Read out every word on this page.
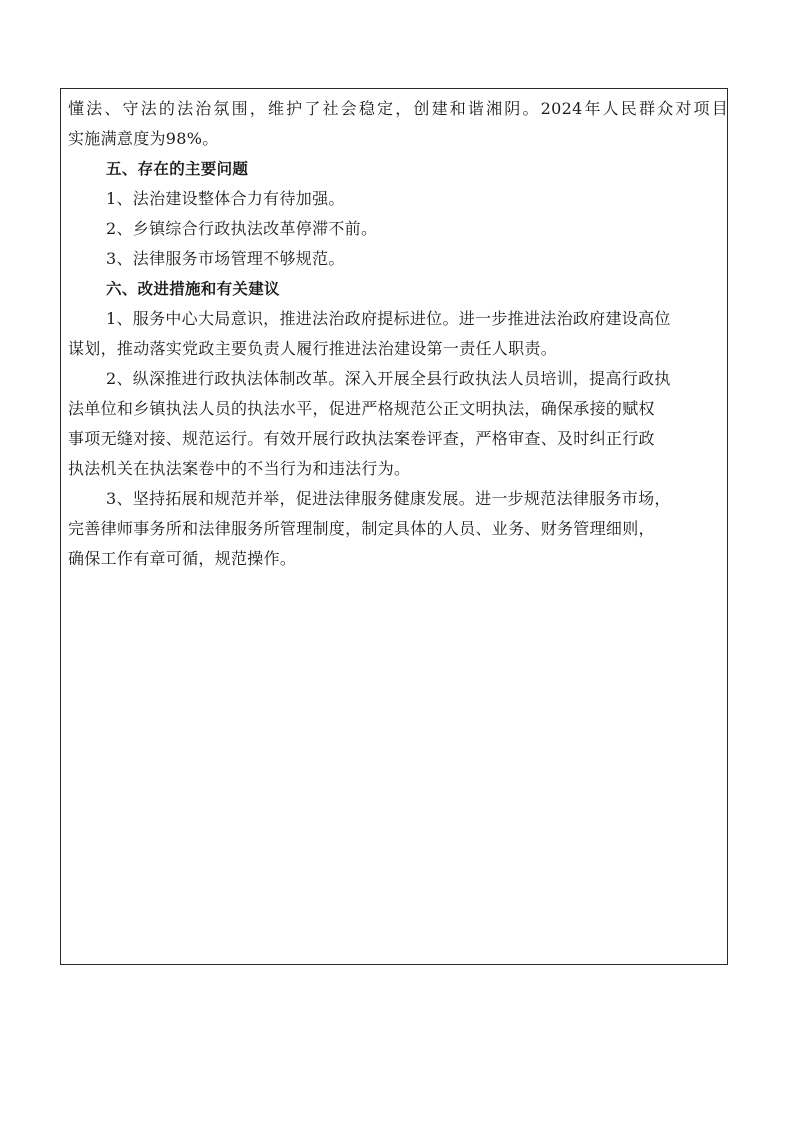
懂法、守法的法治氛围，维护了社会稳定，创建和谐湘阴。2024年人民群众对项目
实施满意度为98%。
五、存在的主要问题
1、法治建设整体合力有待加强。
2、乡镇综合行政执法改革停滞不前。
3、法律服务市场管理不够规范。
六、改进措施和有关建议
1、服务中心大局意识，推进法治政府提标进位。进一步推进法治政府建设高位
谋划，推动落实党政主要负责人履行推进法治建设第一责任人职责。
2、纵深推进行政执法体制改革。深入开展全县行政执法人员培训，提高行政执
法单位和乡镇执法人员的执法水平，促进严格规范公正文明执法，确保承接的赋权
事项无缝对接、规范运行。有效开展行政执法案卷评查，严格审查、及时纠正行政
执法机关在执法案卷中的不当行为和违法行为。
3、坚持拓展和规范并举，促进法律服务健康发展。进一步规范法律服务市场，
完善律师事务所和法律服务所管理制度，制定具体的人员、业务、财务管理细则，
确保工作有章可循，规范操作。
